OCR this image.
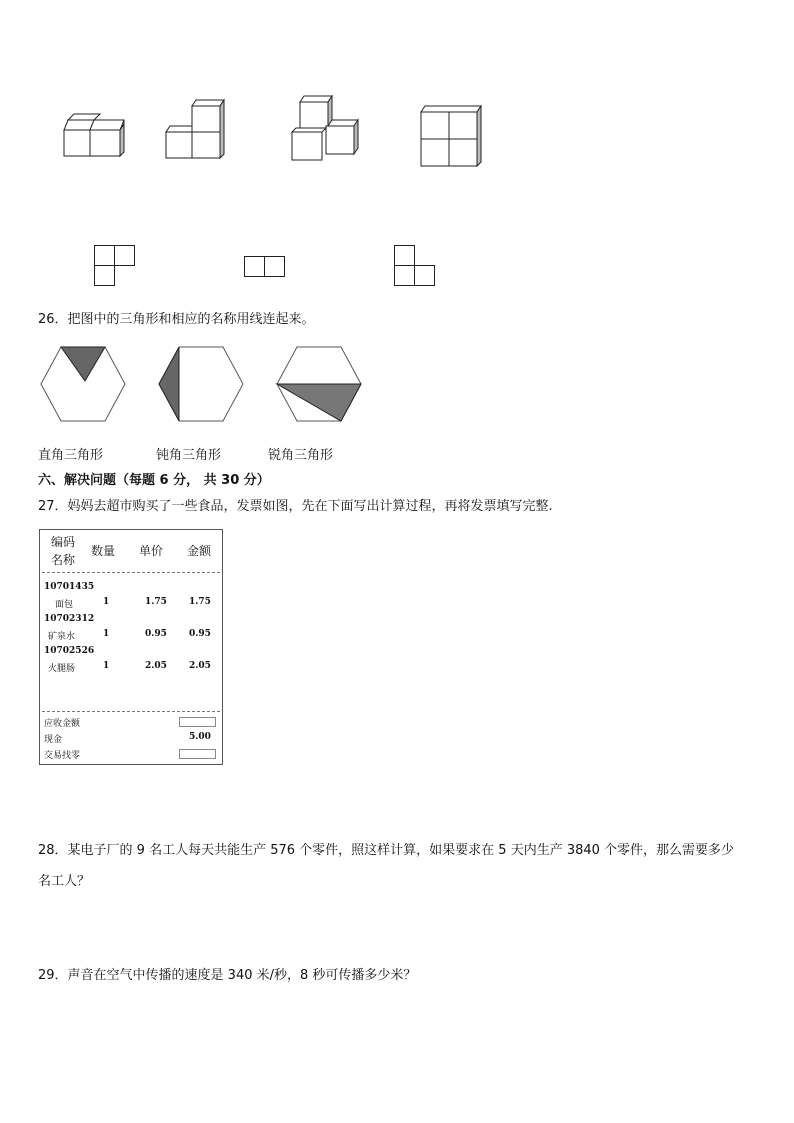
26．把图中的三角形和相应的名称用线连起来。
直角三角形	钝角三角形	锐角三角形
六、解决问题（每题 6 分， 共 30 分）
27．妈妈去超市购买了一些食品，发票如图，先在下面写出计算过程，再将发票填写完整.
编码
名称
数量 单价 金额
10701435
面包	1	1.75 1.75
10702312
矿泉水	1	0.95 0.95
10702526
火腿肠	1	2.05 2.05
应收金额
现金	5.00
交易找零
28．某电子厂的 9 名工人每天共能生产 576 个零件，照这样计算，如果要求在 5 天内生产 3840 个零件，那么需要多少
名工人？
29．声音在空气中传播的速度是 340 米/秒，8 秒可传播多少米？
